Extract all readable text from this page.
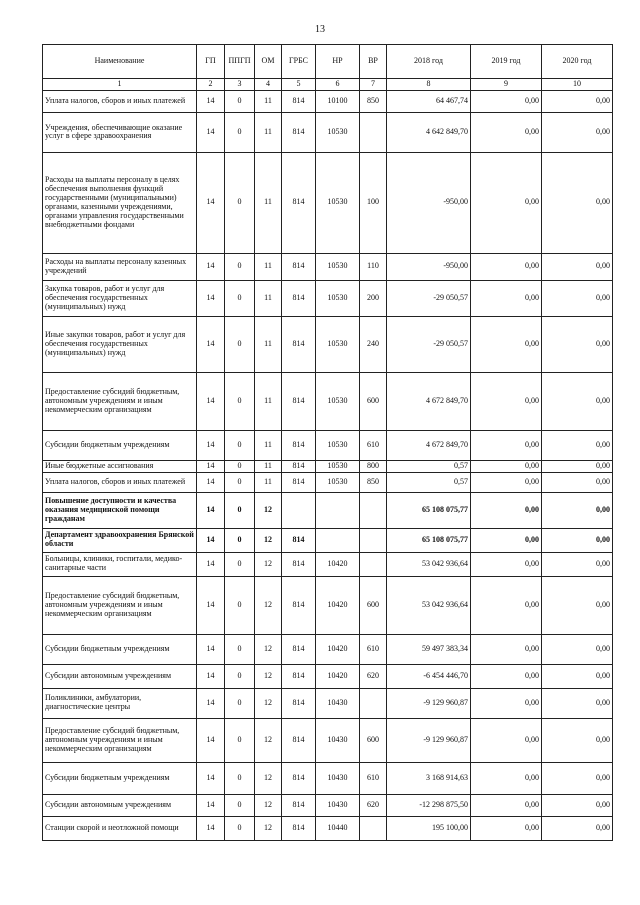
13
Наименование	ГП	ППГП	ОМ	ГРБС	НР	ВР	2018 год	2019 год	2020 год
1	2	3	4	5	6	7	8	9	10
Уплата налогов, сборов и иных платежей	14	0	11	814	10100	850	64 467,74	0,00	0,00
Учреждения, обеспечивающие оказание услуг в сфере здравоохранения	14	0	11	814	10530		4 642 849,70	0,00	0,00
Расходы на выплаты персоналу в целях обеспечения выполнения функций государственными (муниципальными) органами, казенными учреждениями, органами управления государственными внебюджетными фондами	14	0	11	814	10530	100	-950,00	0,00	0,00
Расходы на выплаты персоналу казенных учреждений	14	0	11	814	10530	110	-950,00	0,00	0,00
Закупка товаров, работ и услуг для обеспечения государственных (муниципальных) нужд	14	0	11	814	10530	200	-29 050,57	0,00	0,00
Иные закупки товаров, работ и услуг для обеспечения государственных (муниципальных) нужд	14	0	11	814	10530	240	-29 050,57	0,00	0,00
Предоставление субсидий бюджетным, автономным учреждениям и иным некоммерческим организациям	14	0	11	814	10530	600	4 672 849,70	0,00	0,00
Субсидии бюджетным учреждениям	14	0	11	814	10530	610	4 672 849,70	0,00	0,00
Иные бюджетные ассигнования	14	0	11	814	10530	800	0,57	0,00	0,00
Уплата налогов, сборов и иных платежей	14	0	11	814	10530	850	0,57	0,00	0,00
Повышение доступности и качества оказания медицинской помощи гражданам	14	0	12				65 108 075,77	0,00	0,00
Департамент здравоохранения Брянской области	14	0	12	814			65 108 075,77	0,00	0,00
Больницы, клиники, госпитали, медико-санитарные части	14	0	12	814	10420		53 042 936,64	0,00	0,00
Предоставление субсидий бюджетным, автономным учреждениям и иным некоммерческим организациям	14	0	12	814	10420	600	53 042 936,64	0,00	0,00
Субсидии бюджетным учреждениям	14	0	12	814	10420	610	59 497 383,34	0,00	0,00
Субсидии автономным учреждениям	14	0	12	814	10420	620	-6 454 446,70	0,00	0,00
Поликлиники, амбулатории, диагностические центры	14	0	12	814	10430		-9 129 960,87	0,00	0,00
Предоставление субсидий бюджетным, автономным учреждениям и иным некоммерческим организациям	14	0	12	814	10430	600	-9 129 960,87	0,00	0,00
Субсидии бюджетным учреждениям	14	0	12	814	10430	610	3 168 914,63	0,00	0,00
Субсидии автономным учреждениям	14	0	12	814	10430	620	-12 298 875,50	0,00	0,00
Станции скорой и неотложной помощи	14	0	12	814	10440		195 100,00	0,00	0,00
